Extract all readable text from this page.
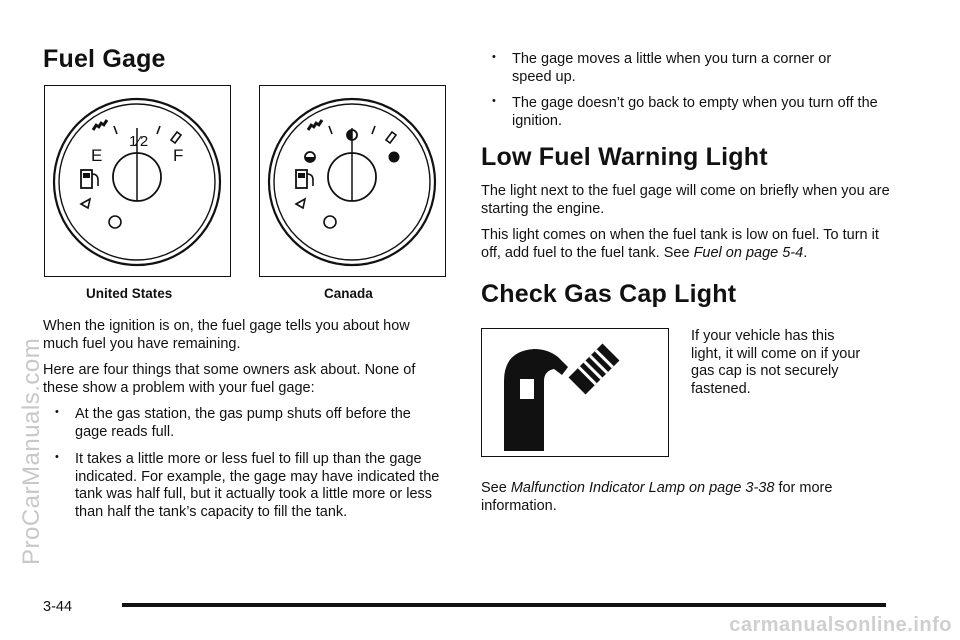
Fuel Gage
E	F
1⁄2
United States	Canada

When the ignition is on, the fuel gage tells you about how much fuel you have remaining.

Here are four things that some owners ask about. None of these show a problem with your fuel gage:

• At the gas station, the gas pump shuts off before the gage reads full.
• It takes a little more or less fuel to fill up than the gage indicated. For example, the gage may have indicated the tank was half full, but it actually took a little more or less than half the tank’s capacity to fill the tank.
• The gage moves a little when you turn a corner or speed up.
• The gage doesn’t go back to empty when you turn off the ignition.
Low Fuel Warning Light

The light next to the fuel gage will come on briefly when you are starting the engine.

This light comes on when the fuel tank is low on fuel. To turn it off, add fuel to the fuel tank. See Fuel on page 5-4.

Check Gas Cap Light

If your vehicle has this light, it will come on if your gas cap is not securely fastened.

See Malfunction Indicator Lamp on page 3-38 for more information.

3-44
carmanualsonline.info
ProCarManuals.com
